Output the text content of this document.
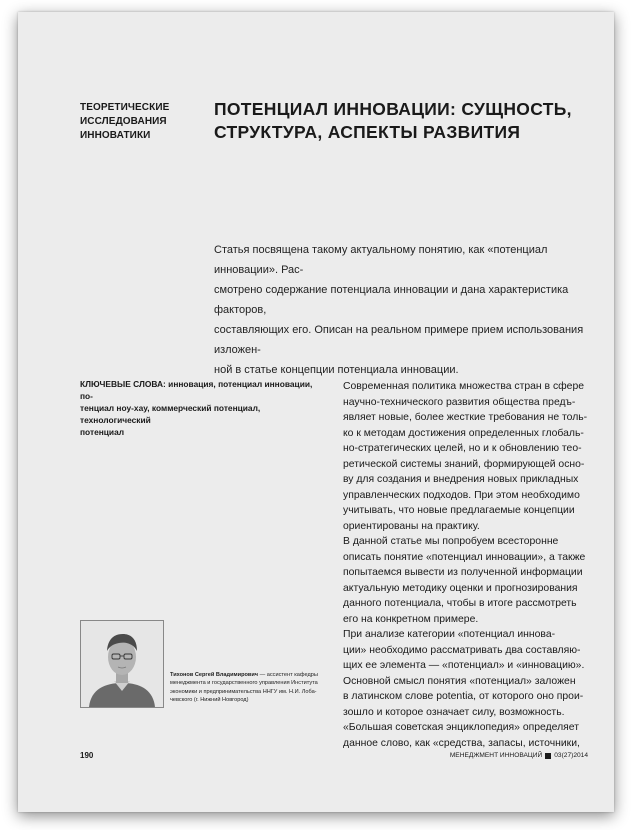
ТЕОРЕТИЧЕСКИЕ
ИССЛЕДОВАНИЯ
ИННОВАТИКИ
ПОТЕНЦИАЛ ИННОВАЦИИ: СУЩНОСТЬ,
СТРУКТУРА, АСПЕКТЫ РАЗВИТИЯ
Статья посвящена такому актуальному понятию, как «потенциал инновации». Рас-
смотрено содержание потенциала инновации и дана характеристика факторов,
составляющих его. Описан на реальном примере прием использования изложен-
ной в статье концепции потенциала инновации.
КЛЮЧЕВЫЕ СЛОВА: инновация, потенциал инновации, по-
тенциал ноу-хау, коммерческий потенциал, технологический
потенциал
Современная политика множества стран в сфере
научно-технического развития общества предъ-
являет новые, более жесткие требования не толь-
ко к методам достижения определенных глобаль-
но-стратегических целей, но и к обновлению тео-
ретической системы знаний, формирующей осно-
ву для создания и внедрения новых прикладных
управленческих подходов. При этом необходимо
учитывать, что новые предлагаемые концепции
ориентированы на практику.
В данной статье мы попробуем всесторонне
описать понятие «потенциал инновации», а также
попытаемся вывести из полученной информации
актуальную методику оценки и прогнозирования
данного потенциала, чтобы в итоге рассмотреть
его на конкретном примере.
При анализе категории «потенциал иннова-
ции» необходимо рассматривать два составляю-
щих ее элемента — «потенциал» и «инновацию».
Основной смысл понятия «потенциал» заложен
в латинском слове potentia, от которого оно прои-
зошло и которое означает силу, возможность.
«Большая советская энциклопедия» определяет
данное слово, как «средства, запасы, источники,
Тихонов Сергей Владимирович — ассистент кафедры менеджмента и государственного управления Института экономики и предпринимательства ННГУ им. Н.И. Лоба-чевского (г. Нижний Новгород)
190	МЕНЕДЖМЕНТ ИННОВАЦИЙ 03(27)2014
